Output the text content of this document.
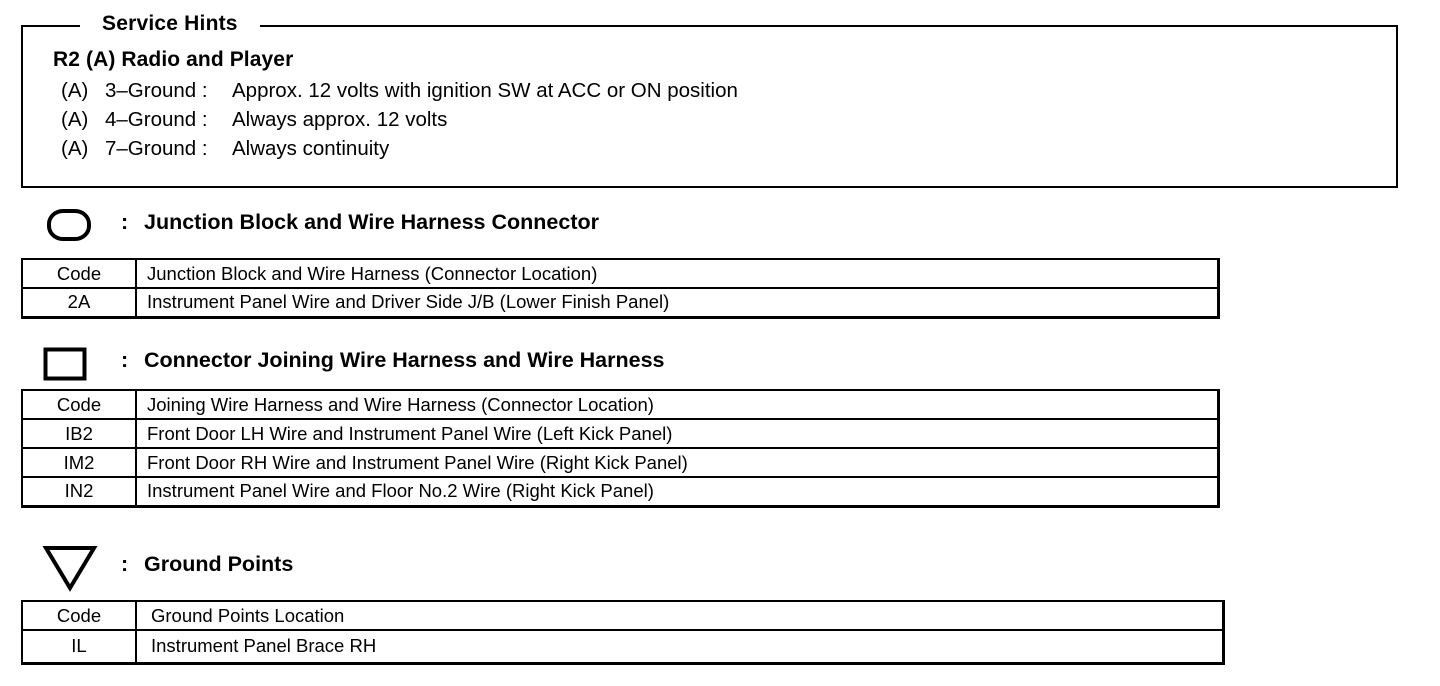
Service Hints
R2 (A) Radio and Player
(A) 3–Ground : Approx. 12 volts with ignition SW at ACC or ON position
(A) 4–Ground : Always approx. 12 volts
(A) 7–Ground : Always continuity
: Junction Block and Wire Harness Connector
Code	Junction Block and Wire Harness (Connector Location)
2A	Instrument Panel Wire and Driver Side J/B (Lower Finish Panel)
: Connector Joining Wire Harness and Wire Harness
Code	Joining Wire Harness and Wire Harness (Connector Location)
IB2	Front Door LH Wire and Instrument Panel Wire (Left Kick Panel)
IM2	Front Door RH Wire and Instrument Panel Wire (Right Kick Panel)
IN2	Instrument Panel Wire and Floor No.2 Wire (Right Kick Panel)
: Ground Points
Code	Ground Points Location
IL	Instrument Panel Brace RH
